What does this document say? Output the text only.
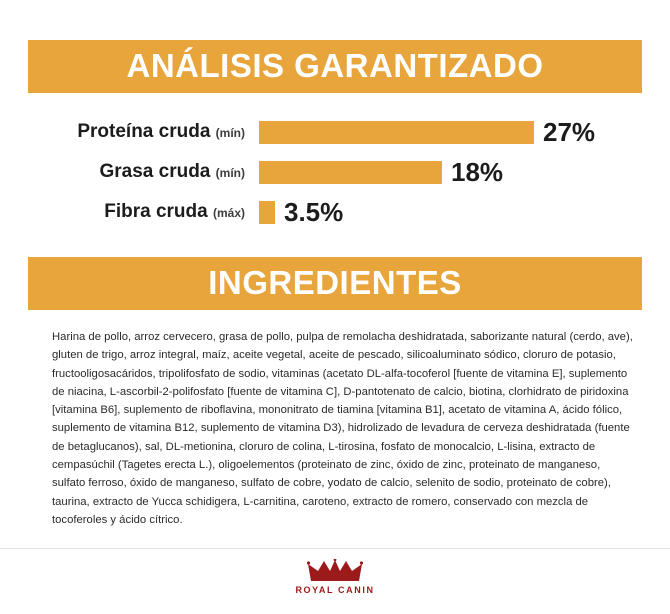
ANÁLISIS GARANTIZADO
Proteína cruda (mín)	27%
Grasa cruda (mín)	18%
Fibra cruda (máx)	3.5%
INGREDIENTES

Harina de pollo, arroz cervecero, grasa de pollo, pulpa de remolacha deshidratada, saborizante natural (cerdo, ave), gluten de trigo, arroz integral, maíz, aceite vegetal, aceite de pescado, silicoaluminato sódico, cloruro de potasio, fructooligosacáridos, tripolifosfato de sodio, vitaminas (acetato DL-alfa-tocoferol [fuente de vitamina E], suplemento de niacina, L-ascorbil-2-polifosfato [fuente de vitamina C], D-pantotenato de calcio, biotina, clorhidrato de piridoxina [vitamina B6], suplemento de riboflavina, mononitrato de tiamina [vitamina B1], acetato de vitamina A, ácido fólico, suplemento de vitamina B12, suplemento de vitamina D3), hidrolizado de levadura de cerveza deshidratada (fuente de betaglucanos), sal, DL-metionina, cloruro de colina, L-tirosina, fosfato de monocalcio, L-lisina, extracto de cempasúchil (Tagetes erecta L.), oligoelementos (proteinato de zinc, óxido de zinc, proteinato de manganeso, sulfato ferroso, óxido de manganeso, sulfato de cobre, yodato de calcio, selenito de sodio, proteinato de cobre), taurina, extracto de Yucca schidigera, L-carnitina, caroteno, extracto de romero, conservado con mezcla de tocoferoles y ácido cítrico.

ROYAL CANIN
